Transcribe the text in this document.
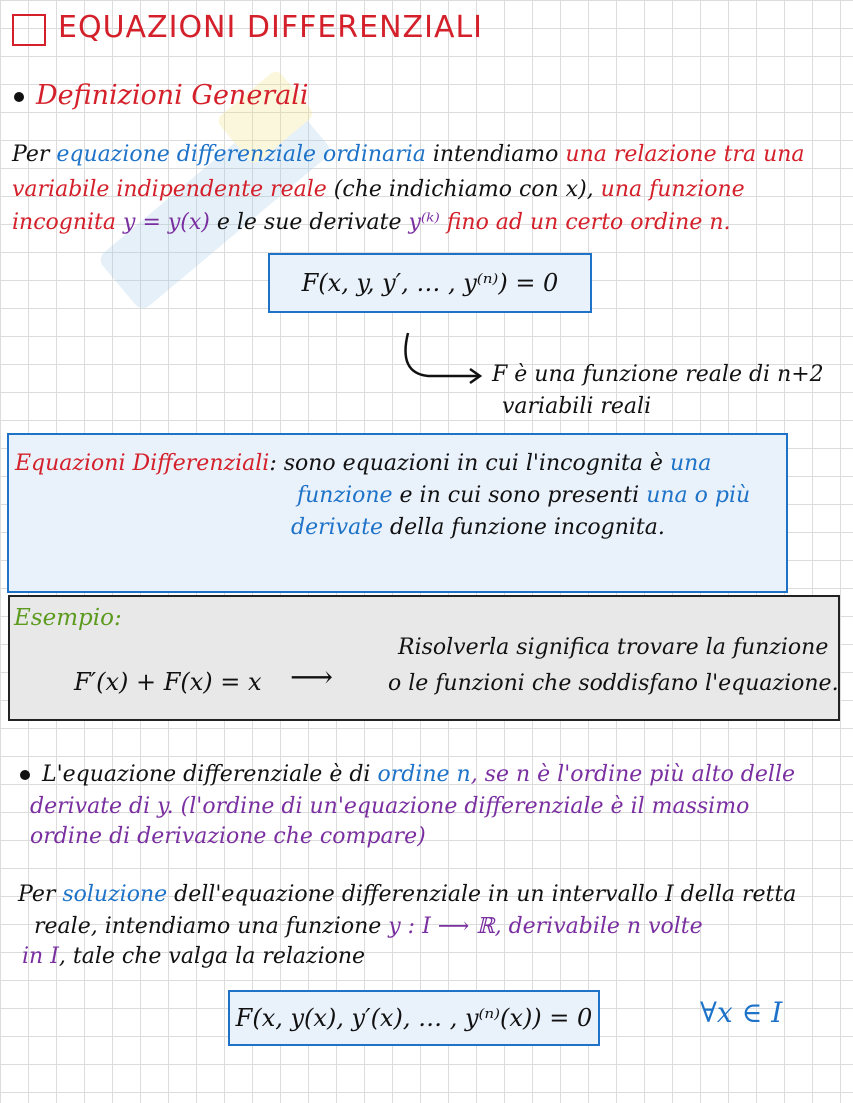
EQUAZIONI DIFFERENZIALI
Definizioni Generali
Per equazione differenziale ordinaria intendiamo una relazione tra una
variabile indipendente reale (che indichiamo con x), una funzione
incognita y = y(x) e le sue derivate y⁽ᵏ⁾ fino ad un certo ordine n.
F(x, y, y′, … , y⁽ⁿ⁾) = 0
F è una funzione reale di n+2
variabili reali
Equazioni Differenziali: sono equazioni in cui l'incognita è una
funzione e in cui sono presenti una o più
derivate della funzione incognita.
Esempio:
F′(x) + F(x) = x ⟶
Risolverla significa trovare la funzione
o le funzioni che soddisfano l'equazione.
L'equazione differenziale è di ordine n, se n è l'ordine più alto delle
derivate di y. (l'ordine di un'equazione differenziale è il massimo
ordine di derivazione che compare)
Per soluzione dell'equazione differenziale in un intervallo I della retta
reale, intendiamo una funzione y : I ⟶ ℝ, derivabile n volte
in I, tale che valga la relazione
F(x, y(x), y′(x), … , y⁽ⁿ⁾(x)) = 0	∀x ∈ I
